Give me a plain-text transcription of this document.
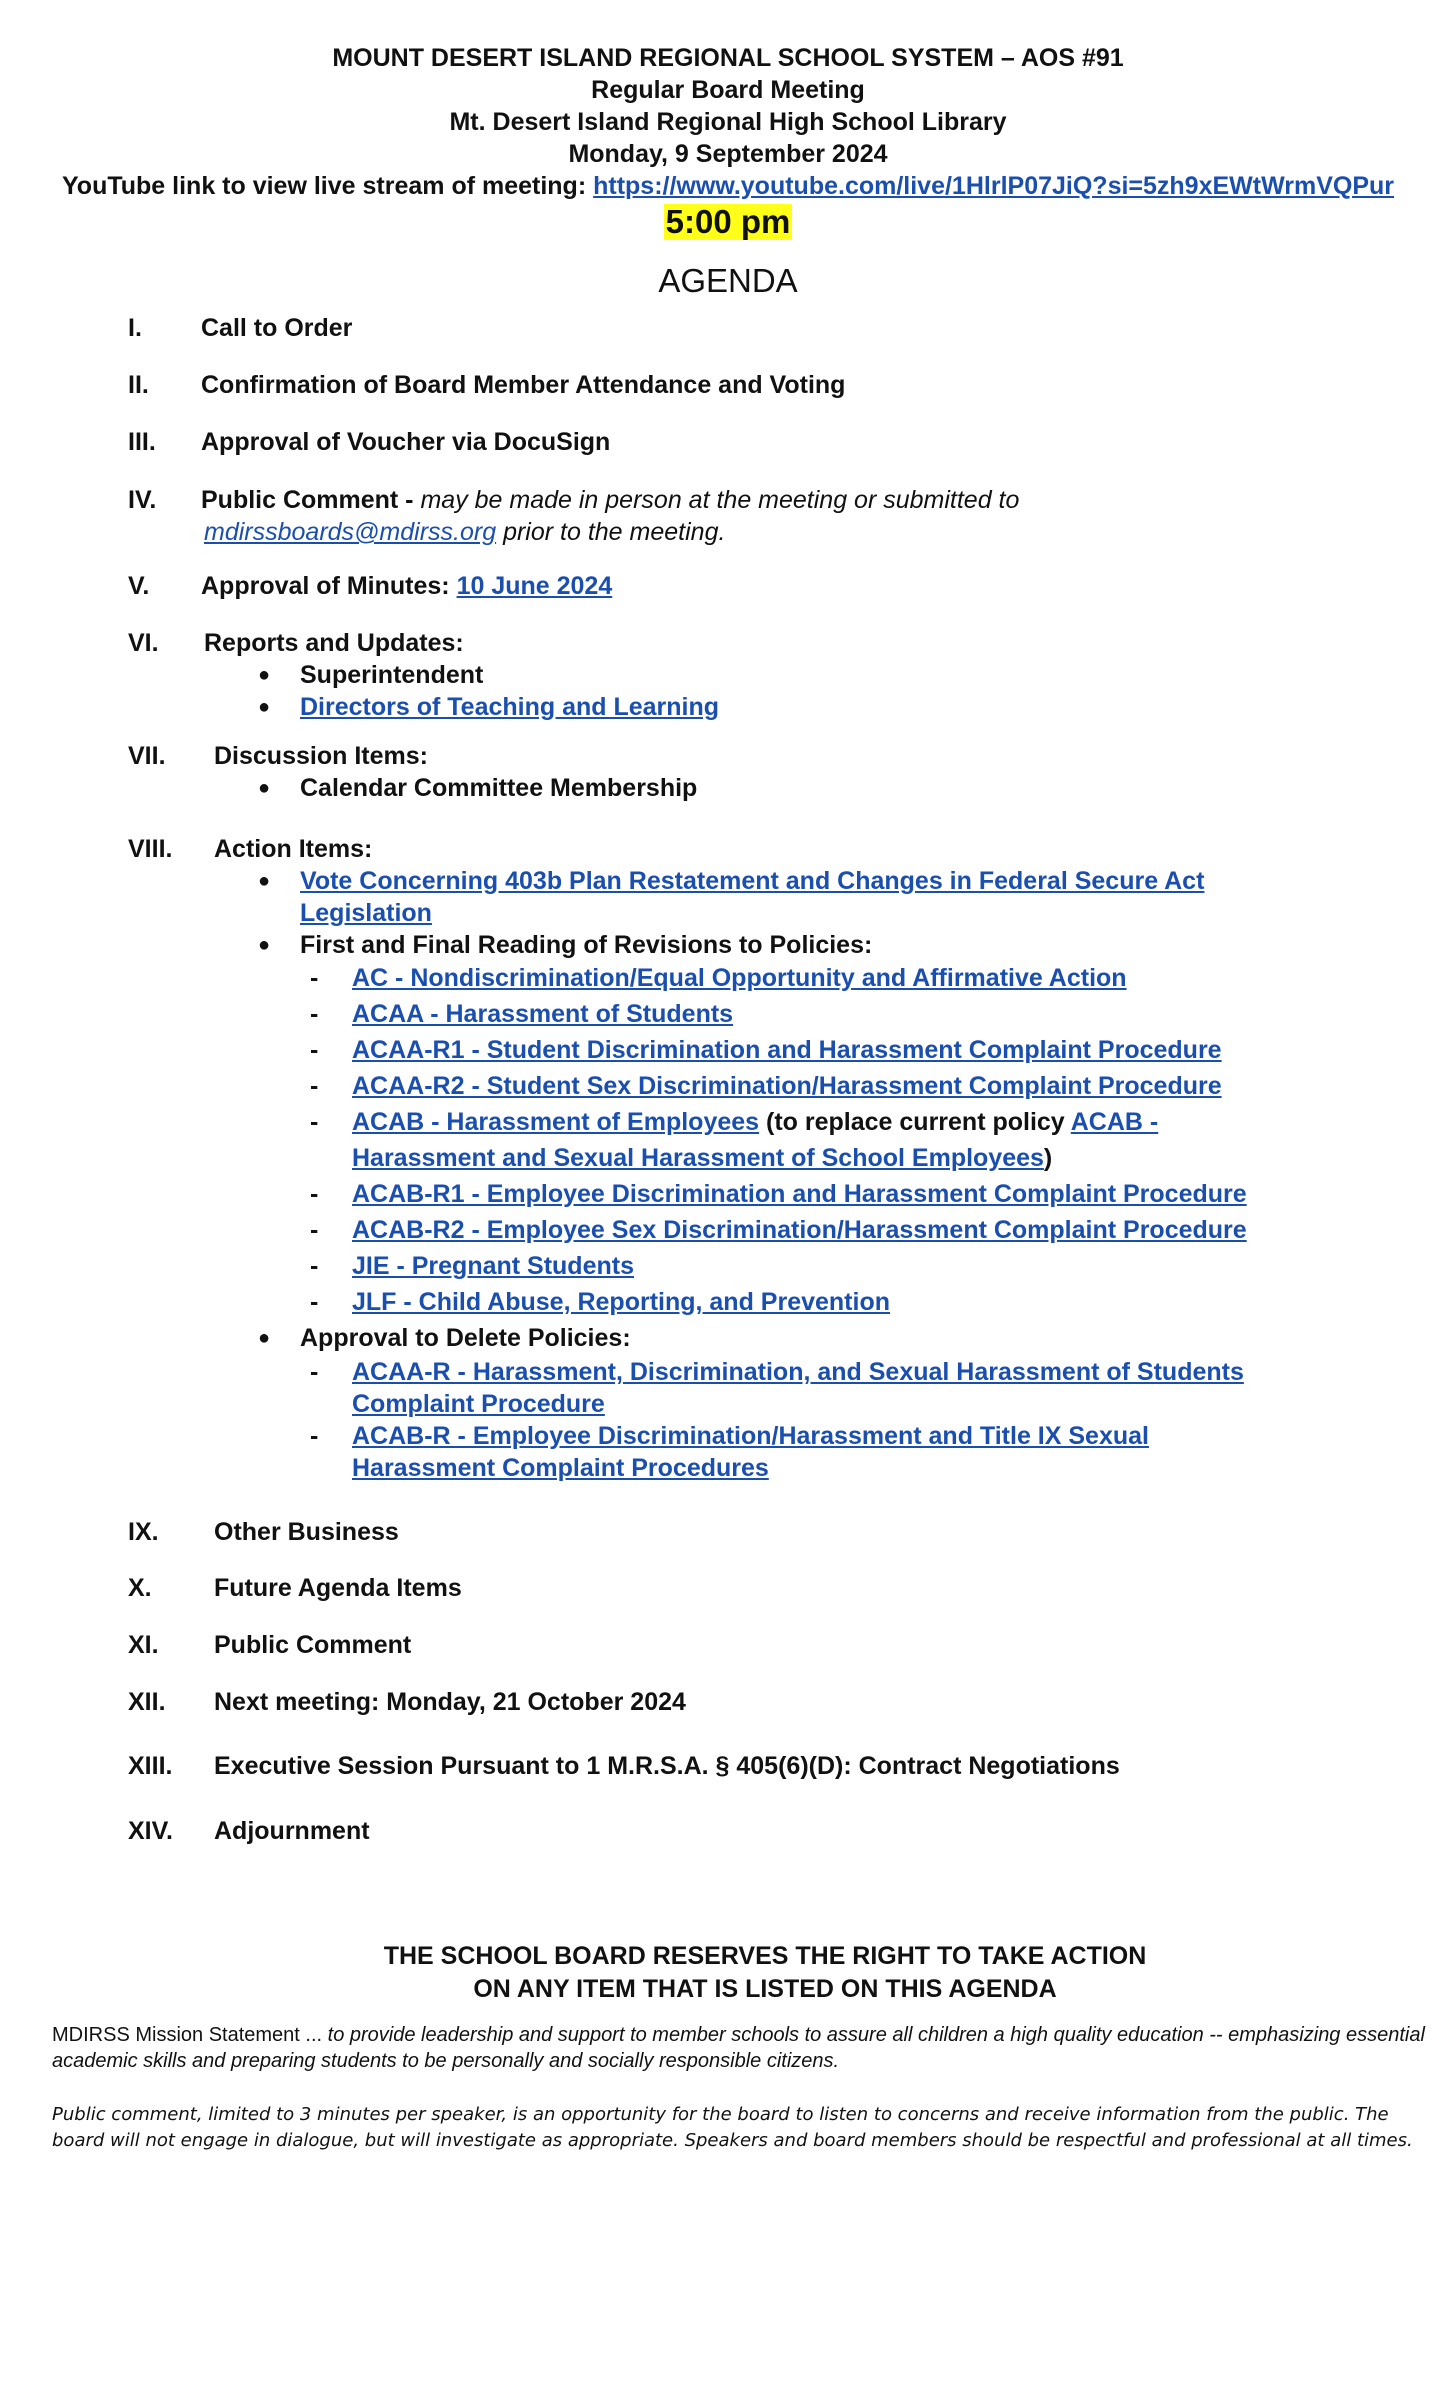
MOUNT DESERT ISLAND REGIONAL SCHOOL SYSTEM – AOS #91
Regular Board Meeting
Mt. Desert Island Regional High School Library
Monday, 9 September 2024
YouTube link to view live stream of meeting: https://www.youtube.com/live/1HlrlP07JiQ?si=5zh9xEWtWrmVQPur
5:00 pm
AGENDA
I. Call to Order
II. Confirmation of Board Member Attendance and Voting
III. Approval of Voucher via DocuSign
IV. Public Comment - may be made in person at the meeting or submitted to
mdirssboards@mdirss.org prior to the meeting.
V. Approval of Minutes: 10 June 2024
VI. Reports and Updates:
● Superintendent
● Directors of Teaching and Learning
VII. Discussion Items:
● Calendar Committee Membership
VIII. Action Items:
● Vote Concerning 403b Plan Restatement and Changes in Federal Secure Act
Legislation
● First and Final Reading of Revisions to Policies:
- AC - Nondiscrimination/Equal Opportunity and Affirmative Action
- ACAA - Harassment of Students
- ACAA-R1 - Student Discrimination and Harassment Complaint Procedure
- ACAA-R2 - Student Sex Discrimination/Harassment Complaint Procedure
- ACAB - Harassment of Employees (to replace current policy ACAB -
Harassment and Sexual Harassment of School Employees)
- ACAB-R1 - Employee Discrimination and Harassment Complaint Procedure
- ACAB-R2 - Employee Sex Discrimination/Harassment Complaint Procedure
- JIE - Pregnant Students
- JLF - Child Abuse, Reporting, and Prevention
● Approval to Delete Policies:
- ACAA-R - Harassment, Discrimination, and Sexual Harassment of Students
Complaint Procedure
- ACAB-R - Employee Discrimination/Harassment and Title IX Sexual
Harassment Complaint Procedures
IX. Other Business
X. Future Agenda Items
XI. Public Comment
XII. Next meeting: Monday, 21 October 2024
XIII. Executive Session Pursuant to 1 M.R.S.A. § 405(6)(D): Contract Negotiations
XIV. Adjournment
THE SCHOOL BOARD RESERVES THE RIGHT TO TAKE ACTION
ON ANY ITEM THAT IS LISTED ON THIS AGENDA
MDIRSS Mission Statement ... to provide leadership and support to member schools to assure all children a high quality education -- emphasizing essential academic skills and preparing students to be personally and socially responsible citizens.
Public comment, limited to 3 minutes per speaker, is an opportunity for the board to listen to concerns and receive information from the public. The board will not engage in dialogue, but will investigate as appropriate. Speakers and board members should be respectful and professional at all times.
